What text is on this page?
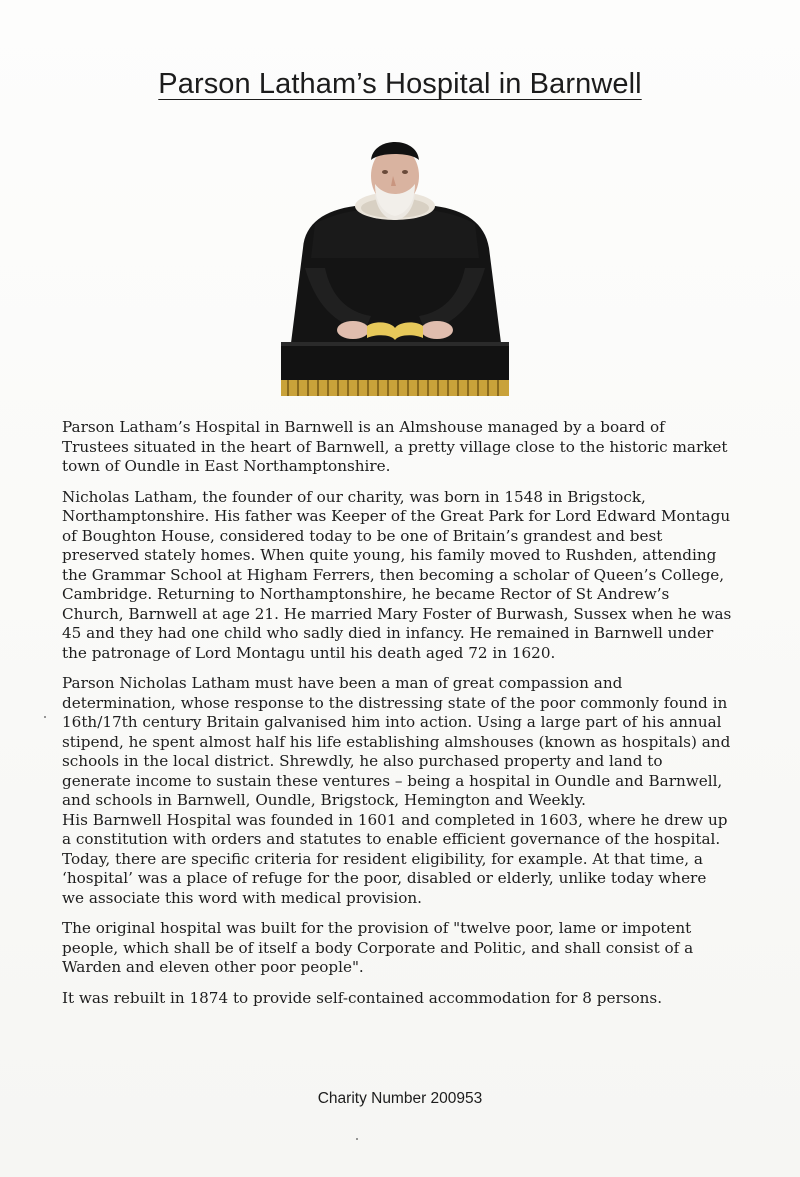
Parson Latham’s Hospital in Barnwell

Parson Latham’s Hospital in Barnwell is an Almshouse managed by a board of Trustees situated in the heart of Barnwell, a pretty village close to the historic market town of Oundle in East Northamptonshire.

Nicholas Latham, the founder of our charity, was born in 1548 in Brigstock, Northamptonshire. His father was Keeper of the Great Park for Lord Edward Montagu of Boughton House, considered today to be one of Britain’s grandest and best preserved stately homes. When quite young, his family moved to Rushden, attending the Grammar School at Higham Ferrers, then becoming a scholar of Queen’s College, Cambridge. Returning to Northamptonshire, he became Rector of St Andrew’s Church, Barnwell at age 21. He married Mary Foster of Burwash, Sussex when he was 45 and they had one child who sadly died in infancy. He remained in Barnwell under the patronage of Lord Montagu until his death aged 72 in 1620.

Parson Nicholas Latham must have been a man of great compassion and determination, whose response to the distressing state of the poor commonly found in 16th/17th century Britain galvanised him into action. Using a large part of his annual stipend, he spent almost half his life establishing almshouses (known as hospitals) and schools in the local district. Shrewdly, he also purchased property and land to generate income to sustain these ventures – being a hospital in Oundle and Barnwell, and schools in Barnwell, Oundle, Brigstock, Hemington and Weekly.

His Barnwell Hospital was founded in 1601 and completed in 1603, where he drew up a constitution with orders and statutes to enable efficient governance of the hospital. Today, there are specific criteria for resident eligibility, for example. At that time, a ‘hospital’ was a place of refuge for the poor, disabled or elderly, unlike today where we associate this word with medical provision.

The original hospital was built for the provision of "twelve poor, lame or impotent people, which shall be of itself a body Corporate and Politic, and shall consist of a Warden and eleven other poor people".

It was rebuilt in 1874 to provide self-contained accommodation for 8 persons.

Charity Number 200953
